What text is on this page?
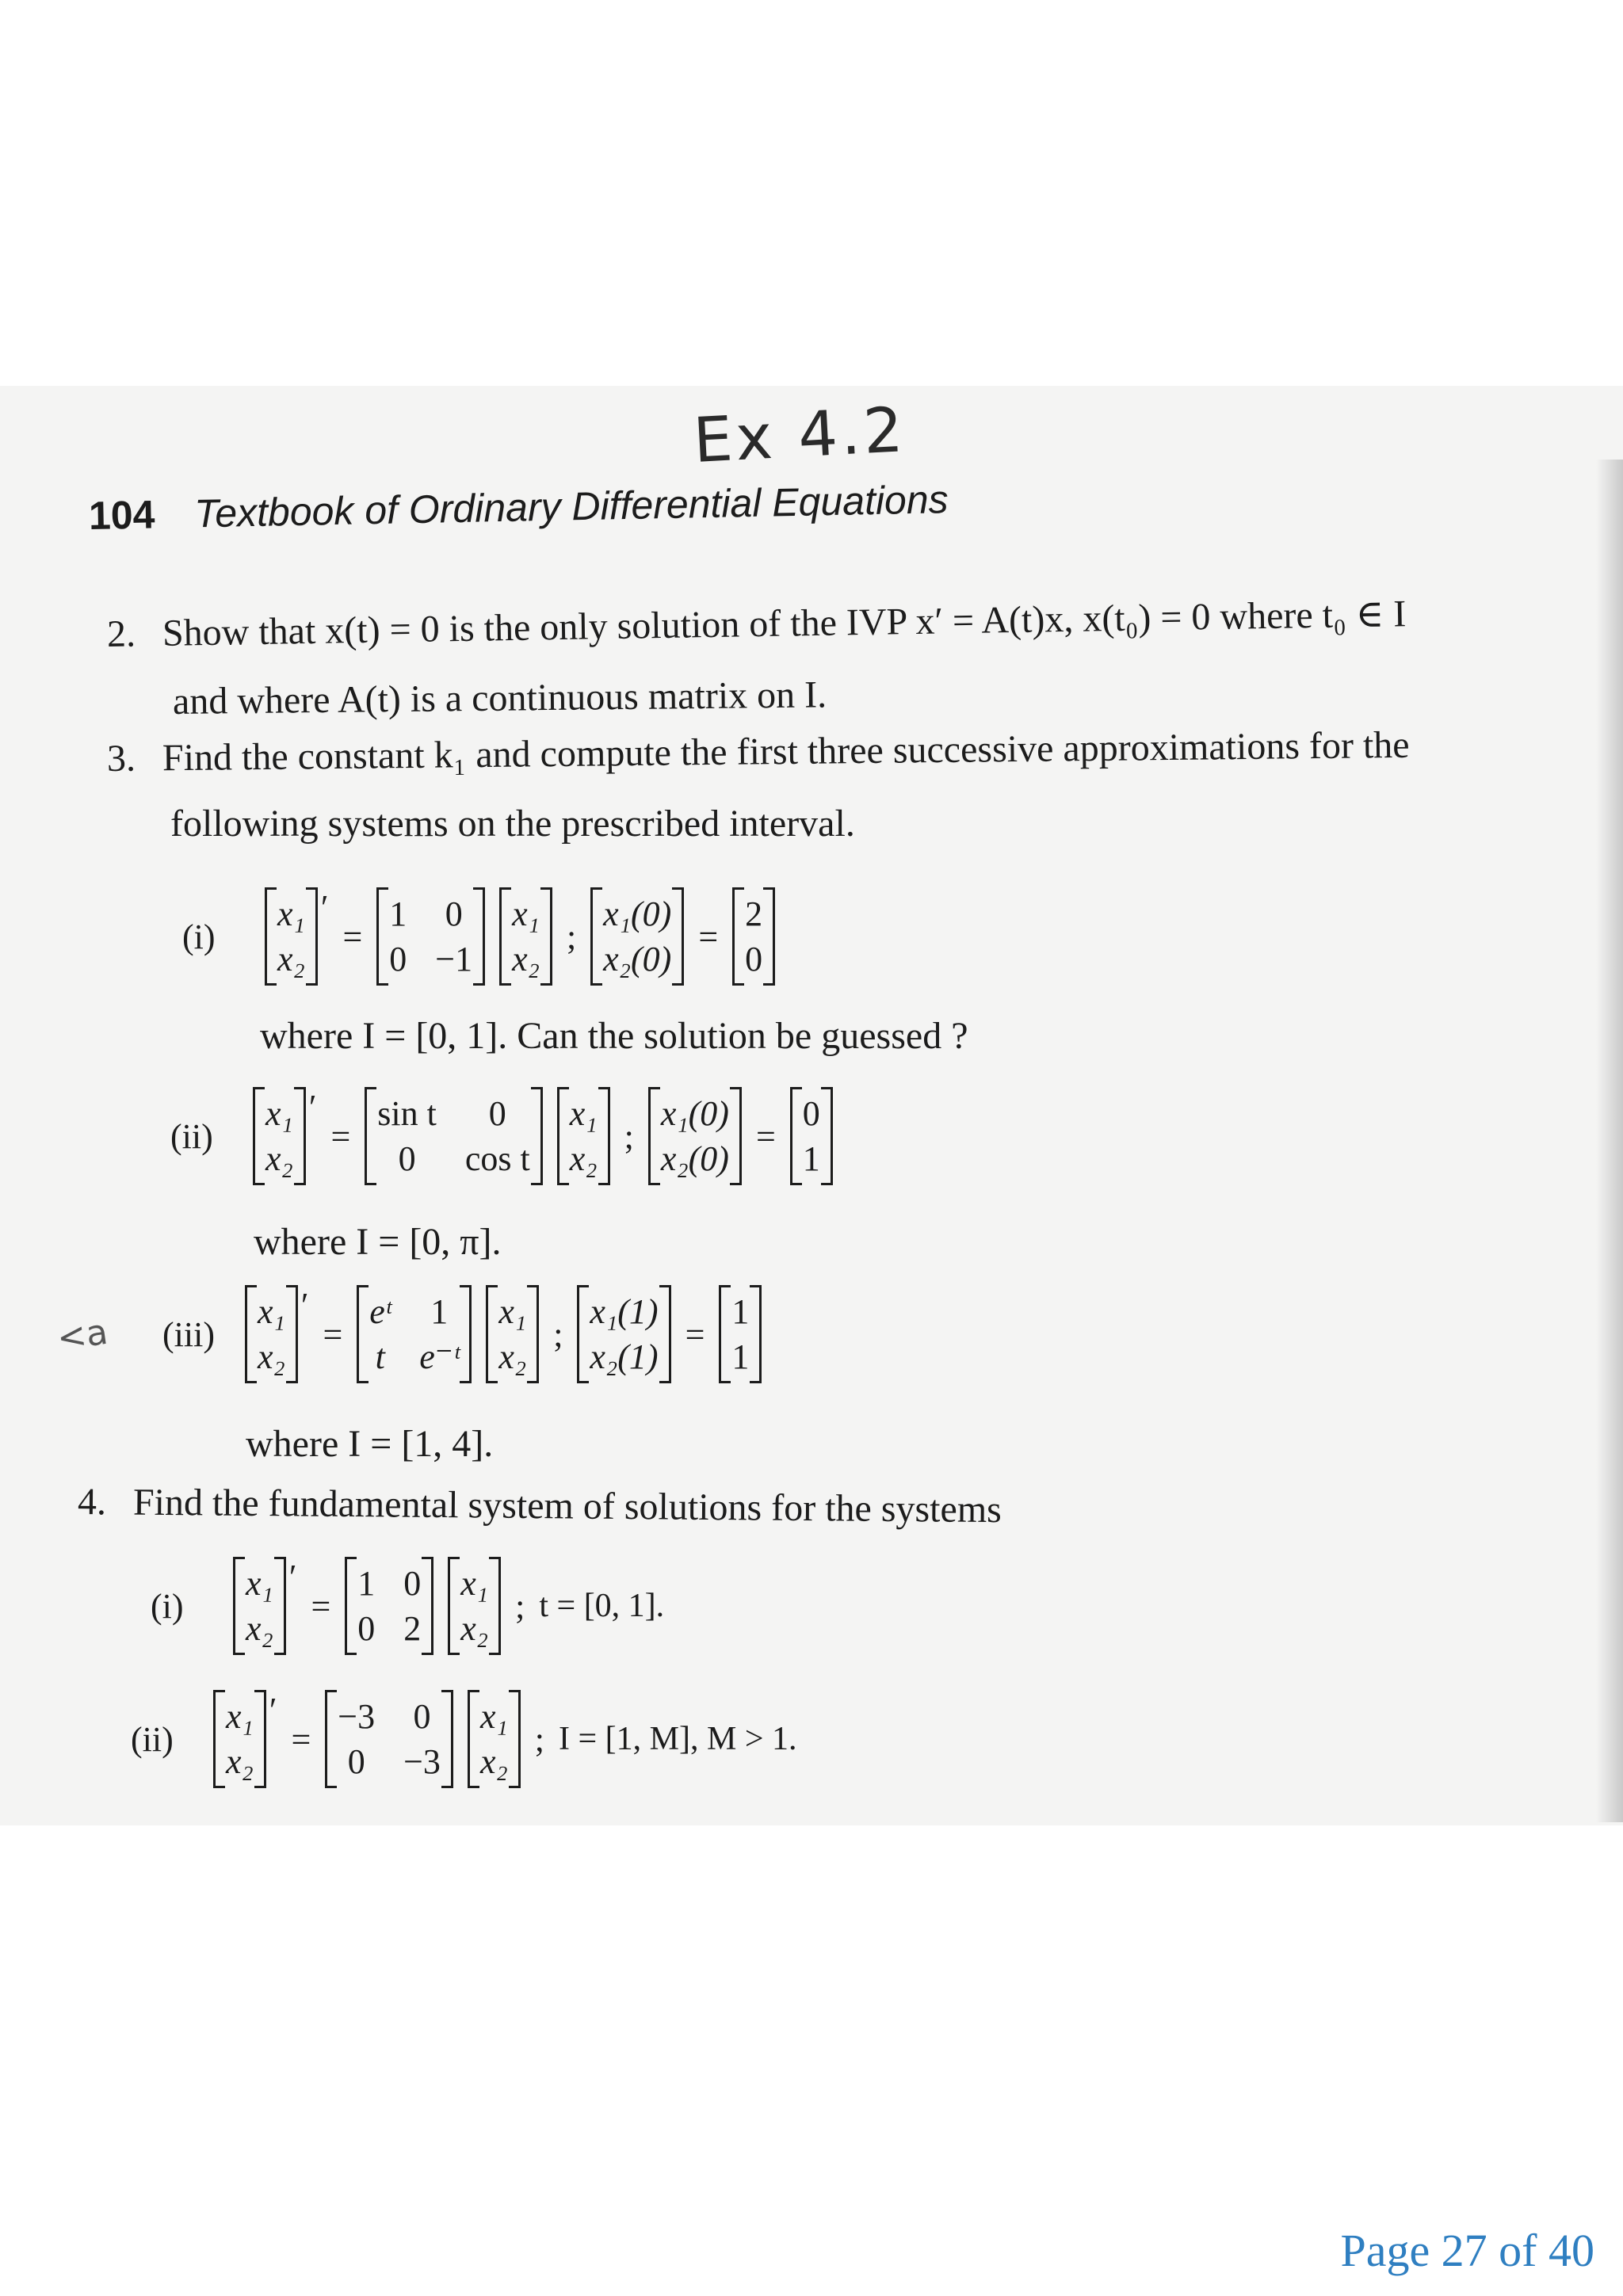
Ex 4.2
104 Textbook of Ordinary Differential Equations
2. Show that x(t) = 0 is the only solution of the IVP x′ = A(t)x, x(t₀) = 0 where t₀ ∈ I
and where A(t) is a continuous matrix on I.
3. Find the constant k₁ and compute the first three successive approximations for the
following systems on the prescribed interval.
(i)
x₁
x₂
′
=
1 0
0 −1
x₁
x₂
;
x₁(0)
x₂(0)
=
2
0
where I = [0, 1]. Can the solution be guessed ?
(ii)
x₁
x₂
′
=
sin t 0
0 cos t
x₁
x₂
;
x₁(0)
x₂(0)
=
0
1
where I = [0, π].
<a (iii)
x₁
x₂
′
=
eᵗ 1
t e⁻ᵗ
x₁
x₂
;
x₁(1)
x₂(1)
=
1
1
where I = [1, 4].
4. Find the fundamental system of solutions for the systems
(i)
x₁
x₂
′
=
1 0
0 2
x₁
x₂
; t = [0, 1].
(ii)
x₁
x₂
′
=
−3 0
0 −3
x₁
x₂
; I = [1, M], M > 1.
Page 27 of 40
